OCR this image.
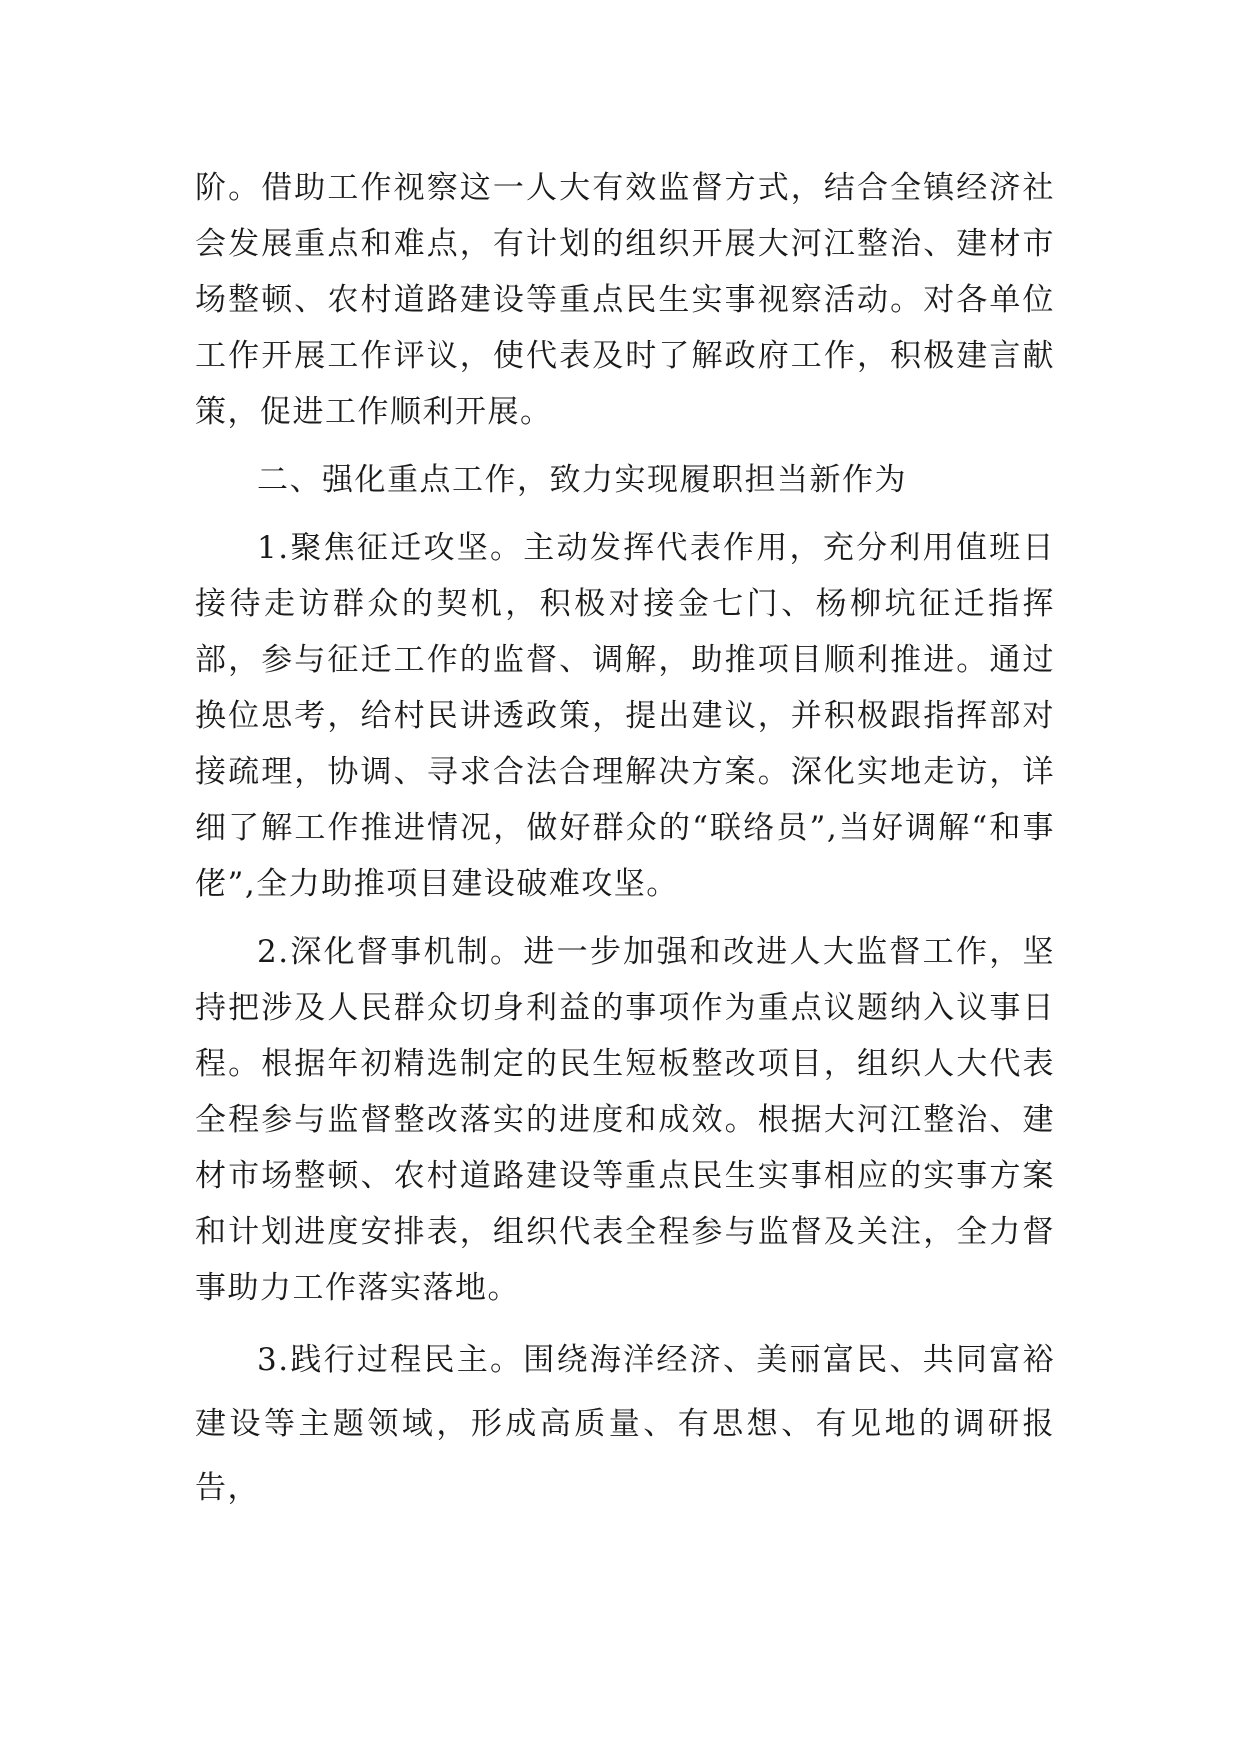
阶。借助工作视察这一人大有效监督方式，结合全镇经济社会发展重点和难点，有计划的组织开展大河江整治、建材市场整顿、农村道路建设等重点民生实事视察活动。对各单位工作开展工作评议，使代表及时了解政府工作，积极建言献策，促进工作顺利开展。

二、强化重点工作，致力实现履职担当新作为

1.聚焦征迁攻坚。主动发挥代表作用，充分利用值班日接待走访群众的契机，积极对接金七门、杨柳坑征迁指挥部，参与征迁工作的监督、调解，助推项目顺利推进。通过换位思考，给村民讲透政策，提出建议，并积极跟指挥部对接疏理，协调、寻求合法合理解决方案。深化实地走访，详细了解工作推进情况，做好群众的“联络员”,当好调解“和事佬”,全力助推项目建设破难攻坚。

2.深化督事机制。进一步加强和改进人大监督工作，坚持把涉及人民群众切身利益的事项作为重点议题纳入议事日程。根据年初精选制定的民生短板整改项目，组织人大代表全程参与监督整改落实的进度和成效。根据大河江整治、建材市场整顿、农村道路建设等重点民生实事相应的实事方案和计划进度安排表，组织代表全程参与监督及关注，全力督事助力工作落实落地。

3.践行过程民主。围绕海洋经济、美丽富民、共同富裕建设等主题领域，形成高质量、有思想、有见地的调研报告，
